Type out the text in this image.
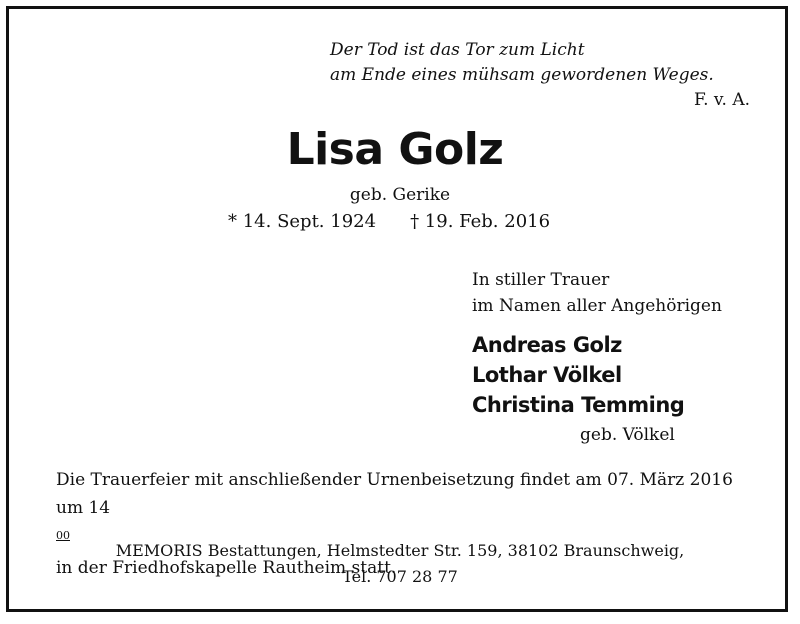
Der Tod ist das Tor zum Licht
am Ende eines mühsam gewordenen Weges.
F. v. A.
Lisa Golz
geb. Gerike
* 14. Sept. 1924 † 19. Feb. 2016
In stiller Trauer
im Namen aller Angehörigen
Andreas Golz
Lothar Völkel
Christina Temming
geb. Völkel
Die Trauerfeier mit anschließender Urnenbeisetzung findet am 07. März 2016
um 14
$^{00}$
in der Friedhofskapelle Rautheim statt.
MEMORIS Bestattungen, Helmstedter Str. 159, 38102 Braunschweig,
Tel. 707 28 77
